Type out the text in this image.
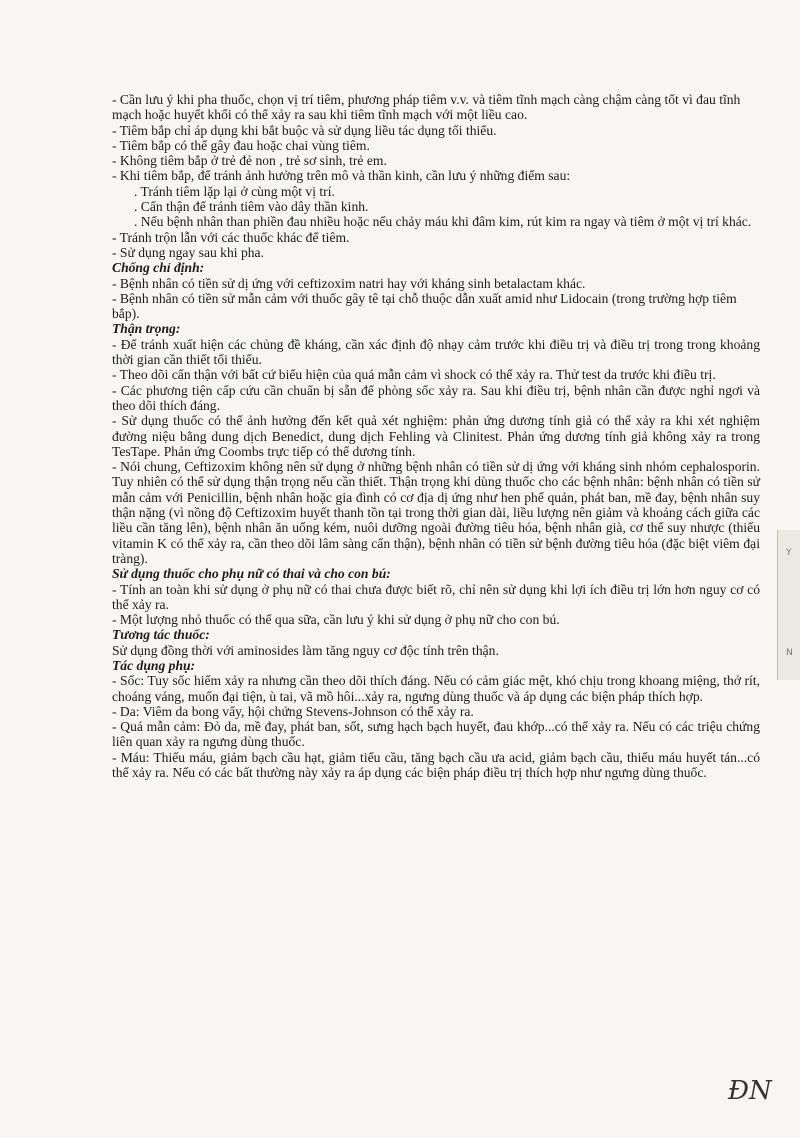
- Cần lưu ý khi pha thuốc, chọn vị trí tiêm, phương pháp tiêm v.v. và tiêm tĩnh mạch càng chậm càng tốt vì đau tĩnh mạch hoặc huyết khối có thể xảy ra sau khi tiêm tĩnh mạch với một liều cao.

- Tiêm bắp chỉ áp dụng khi bắt buộc và sử dụng liều tác dụng tối thiểu.

- Tiêm bắp có thể gây đau hoặc chai vùng tiêm.

- Không tiêm bắp ở trẻ đẻ non , trẻ sơ sinh, trẻ em.

- Khi tiêm bắp, để tránh ảnh hưởng trên mô và thần kinh, cần lưu ý những điểm sau:

. Tránh tiêm lặp lại ở cùng một vị trí.

. Cẩn thận để tránh tiêm vào dây thần kinh.

. Nếu bệnh nhân than phiền đau nhiều hoặc nếu chảy máu khi đâm kim, rút kim ra ngay và tiêm ở một vị trí khác.

- Tránh trộn lẫn với các thuốc khác để tiêm.

- Sử dụng ngay sau khi pha.

Chống chỉ định:

- Bệnh nhân có tiền sử dị ứng với ceftizoxim natri hay với kháng sinh betalactam khác.

- Bệnh nhân có tiền sử mẫn cảm với thuốc gây tê tại chỗ thuộc dẫn xuất amid như Lidocain (trong trường hợp tiêm bắp).

Thận trọng:

- Để tránh xuất hiện các chủng đề kháng, cần xác định độ nhạy cảm trước khi điều trị và điều trị trong trong khoảng thời gian cần thiết tối thiểu.

- Theo dõi cẩn thận với bất cứ biểu hiện của quá mẫn cảm vì shock có thể xảy ra. Thử test da trước khi điều trị.

- Các phương tiện cấp cứu cần chuẩn bị sẵn để phòng sốc xảy ra. Sau khi điều trị, bệnh nhân cần được nghỉ ngơi và theo dõi thích đáng.

- Sử dụng thuốc có thể ảnh hưởng đến kết quả xét nghiệm: phản ứng dương tính giả có thể xảy ra khi xét nghiệm đường niệu bằng dung dịch Benedict, dung dịch Fehling và Clinitest. Phản ứng dương tính giả không xảy ra trong TesTape. Phản ứng Coombs trực tiếp có thể dương tính.

- Nói chung, Ceftizoxim không nên sử dụng ở những bệnh nhân có tiền sử dị ứng với kháng sinh nhóm cephalosporin. Tuy nhiên có thể sử dụng thận trọng nếu cần thiết. Thận trọng khi dùng thuốc cho các bệnh nhân: bệnh nhân có tiền sử mẫn cảm với Penicillin, bệnh nhân hoặc gia đình có cơ địa dị ứng như hen phế quản, phát ban, mề đay, bệnh nhân suy thận nặng (vì nồng độ Ceftizoxim huyết thanh tồn tại trong thời gian dài, liều lượng nên giảm và khoảng cách giữa các liều cần tăng lên), bệnh nhân ăn uống kém, nuôi dưỡng ngoài đường tiêu hóa, bệnh nhân già, cơ thể suy nhược (thiếu vitamin K có thể xảy ra, cần theo dõi lâm sàng cẩn thận), bệnh nhân có tiền sử bệnh đường tiêu hóa (đặc biệt viêm đại tràng).

Sử dụng thuốc cho phụ nữ có thai và cho con bú:

- Tính an toàn khi sử dụng ở phụ nữ có thai chưa được biết rõ, chỉ nên sử dụng khi lợi ích điều trị lớn hơn nguy cơ có thể xảy ra.

- Một lượng nhỏ thuốc có thể qua sữa, cần lưu ý khi sử dụng ở phụ nữ cho con bú.

Tương tác thuốc:

Sử dụng đồng thời với aminosides làm tăng nguy cơ độc tính trên thận.

Tác dụng phụ:

- Sốc: Tuy sốc hiếm xảy ra nhưng cần theo dõi thích đáng. Nếu có cảm giác mệt, khó chịu trong khoang miệng, thở rít, choáng váng, muốn đại tiện, ù tai, vã mồ hôi...xảy ra, ngưng dùng thuốc và áp dụng các biện pháp thích hợp.

- Da: Viêm da bong vẩy, hội chứng Stevens-Johnson có thể xảy ra.

- Quá mẫn cảm: Đỏ da, mề đay, phát ban, sốt, sưng hạch bạch huyết, đau khớp...có thể xảy ra. Nếu có các triệu chứng liên quan xảy ra ngưng dùng thuốc.

- Máu: Thiếu máu, giảm bạch cầu hạt, giảm tiểu cầu, tăng bạch cầu ưa acid, giảm bạch cầu, thiếu máu huyết tán...có thể xảy ra. Nếu có các bất thường này xảy ra áp dụng các biện pháp điều trị thích hợp như ngưng dùng thuốc.

Y
N
ĐN
